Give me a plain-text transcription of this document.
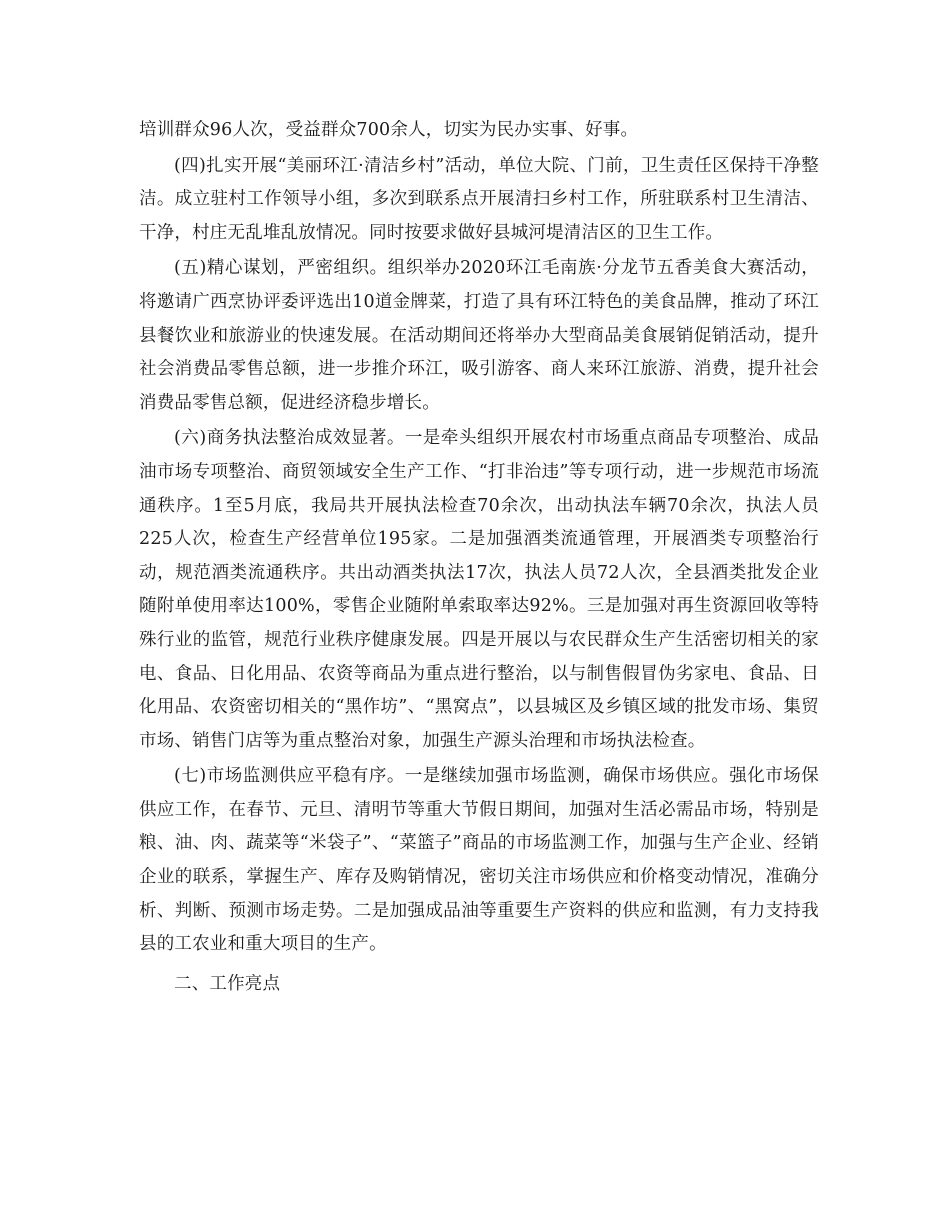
培训群众96人次，受益群众700余人，切实为民办实事、好事。

(四)扎实开展“美丽环江·清洁乡村”活动，单位大院、门前，卫生责任区保持干净整洁。成立驻村工作领导小组，多次到联系点开展清扫乡村工作，所驻联系村卫生清洁、干净，村庄无乱堆乱放情况。同时按要求做好县城河堤清洁区的卫生工作。

(五)精心谋划，严密组织。组织举办2020环江毛南族·分龙节五香美食大赛活动，将邀请广西烹协评委评选出10道金牌菜，打造了具有环江特色的美食品牌，推动了环江县餐饮业和旅游业的快速发展。在活动期间还将举办大型商品美食展销促销活动，提升社会消费品零售总额，进一步推介环江，吸引游客、商人来环江旅游、消费，提升社会消费品零售总额，促进经济稳步增长。

(六)商务执法整治成效显著。一是牵头组织开展农村市场重点商品专项整治、成品油市场专项整治、商贸领域安全生产工作、“打非治违”等专项行动，进一步规范市场流通秩序。1至5月底，我局共开展执法检查70余次，出动执法车辆70余次，执法人员225人次，检查生产经营单位195家。二是加强酒类流通管理，开展酒类专项整治行动，规范酒类流通秩序。共出动酒类执法17次，执法人员72人次，全县酒类批发企业随附单使用率达100%，零售企业随附单索取率达92%。三是加强对再生资源回收等特殊行业的监管，规范行业秩序健康发展。四是开展以与农民群众生产生活密切相关的家电、食品、日化用品、农资等商品为重点进行整治，以与制售假冒伪劣家电、食品、日化用品、农资密切相关的“黑作坊”、“黑窝点”，以县城区及乡镇区域的批发市场、集贸市场、销售门店等为重点整治对象，加强生产源头治理和市场执法检查。

(七)市场监测供应平稳有序。一是继续加强市场监测，确保市场供应。强化市场保供应工作，在春节、元旦、清明节等重大节假日期间，加强对生活必需品市场，特别是粮、油、肉、蔬菜等“米袋子”、“菜篮子”商品的市场监测工作，加强与生产企业、经销企业的联系，掌握生产、库存及购销情况，密切关注市场供应和价格变动情况，准确分析、判断、预测市场走势。二是加强成品油等重要生产资料的供应和监测，有力支持我县的工农业和重大项目的生产。

二、工作亮点
